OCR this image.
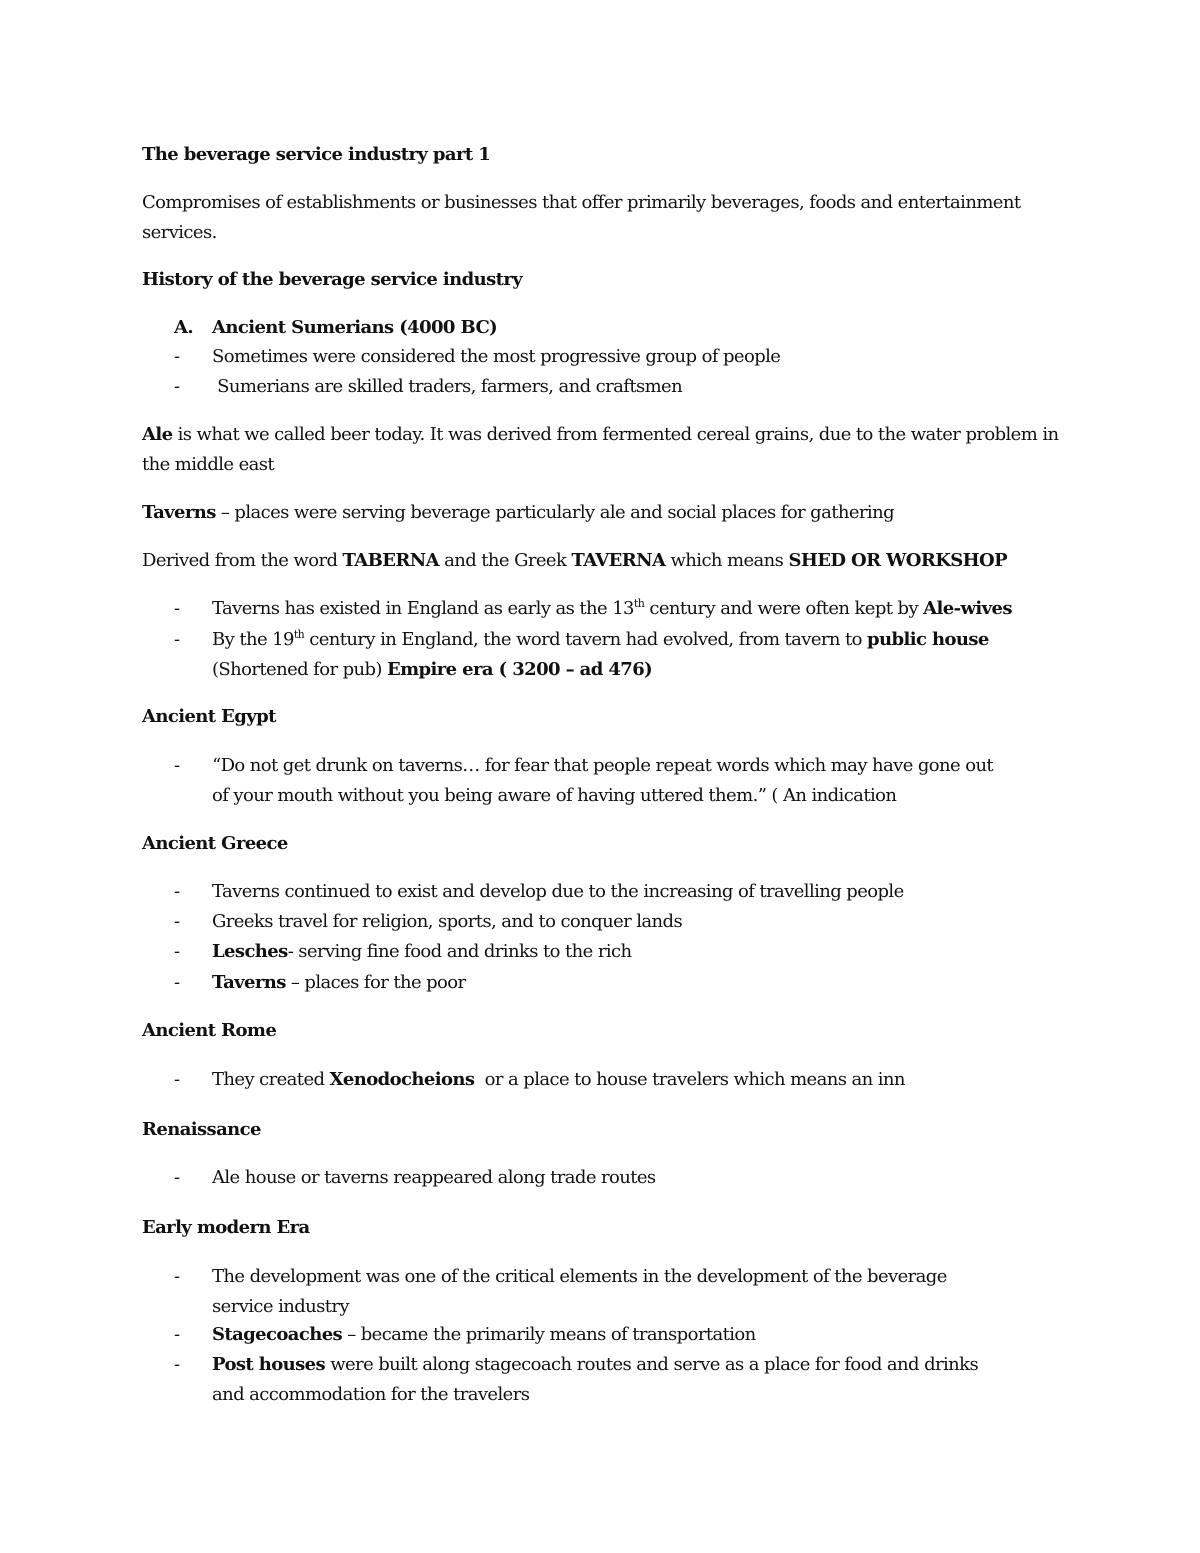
The beverage service industry part 1

Compromises of establishments or businesses that offer primarily beverages, foods and entertainment services.

History of the beverage service industry

A. Ancient Sumerians (4000 BC)
- Sometimes were considered the most progressive group of people
- Sumerians are skilled traders, farmers, and craftsmen

Ale is what we called beer today. It was derived from fermented cereal grains, due to the water problem in the middle east

Taverns – places were serving beverage particularly ale and social places for gathering

Derived from the word TABERNA and the Greek TAVERNA which means SHED OR WORKSHOP

- Taverns has existed in England as early as the 13th century and were often kept by Ale-wives
- By the 19th century in England, the word tavern had evolved, from tavern to public house
(Shortened for pub) Empire era ( 3200 – ad 476)

Ancient Egypt

- “Do not get drunk on taverns… for fear that people repeat words which may have gone out of your mouth without you being aware of having uttered them.” ( An indication

Ancient Greece

- Taverns continued to exist and develop due to the increasing of travelling people
- Greeks travel for religion, sports, and to conquer lands
- Lesches- serving fine food and drinks to the rich
- Taverns – places for the poor

Ancient Rome

- They created Xenodocheions  or a place to house travelers which means an inn

Renaissance

- Ale house or taverns reappeared along trade routes

Early modern Era

- The development was one of the critical elements in the development of the beverage service industry
- Stagecoaches – became the primarily means of transportation
- Post houses were built along stagecoach routes and serve as a place for food and drinks and accommodation for the travelers
